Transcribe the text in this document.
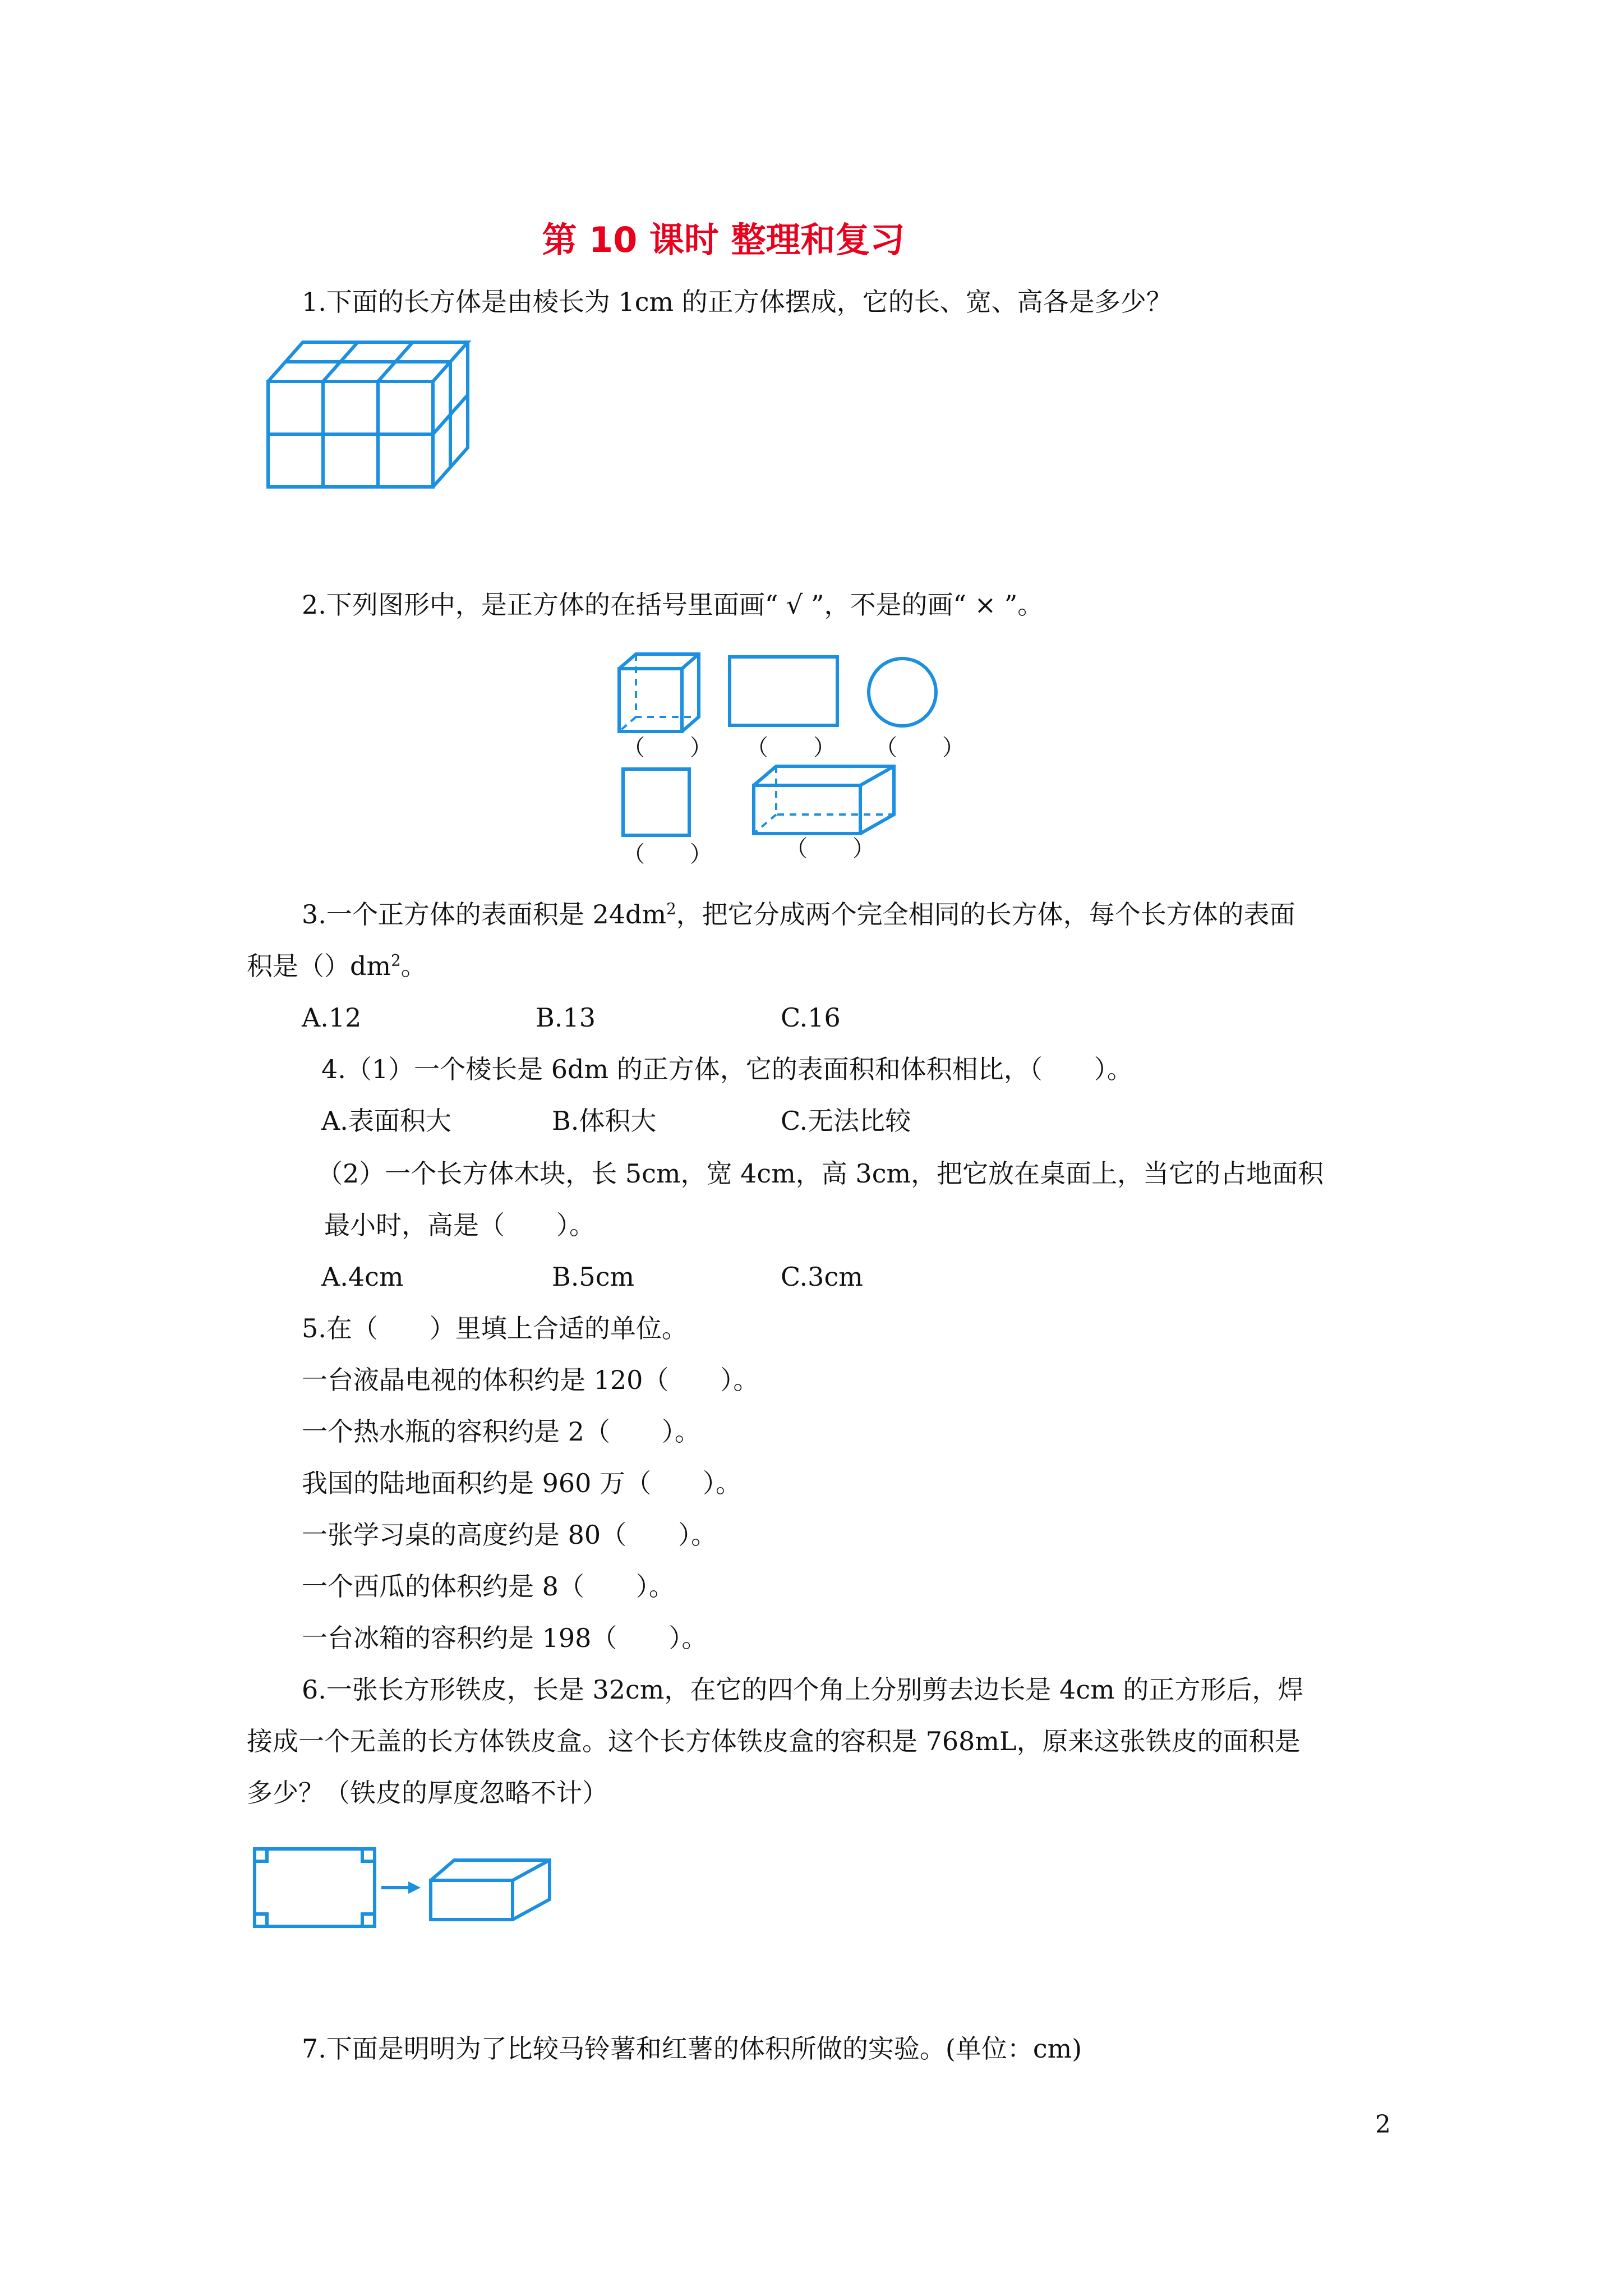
第 10 课时 整理和复习
1.下面的长方体是由棱长为 1cm 的正方体摆成，它的长、宽、高各是多少？
2.下列图形中，是正方体的在括号里面画“ √ ”，不是的画“ × ”。
（　　） （　　） （　　）
（　　）	（　　）
3.一个正方体的表面积是 $24dm^2$，把它分成两个完全相同的长方体，每个长方体的表面
积是$()dm^2$。
A.12	B.13	C.16
4.（1）一个棱长是 6dm 的正方体，它的表面积和体积相比，（　　）。
A.表面积大	B.体积大	C.无法比较
（2）一个长方体木块，长 5cm，宽 4cm，高 3cm，把它放在桌面上，当它的占地面积
最小时，高是（　　）。
A.4cm	B.5cm	C.3cm
5.在（　　）里填上合适的单位。
一台液晶电视的体积约是 120（　　）。
一个热水瓶的容积约是 2（　　）。
我国的陆地面积约是 960 万（　　）。
一张学习桌的高度约是 80（　　）。
一个西瓜的体积约是 8（　　）。
一台冰箱的容积约是 198（　　）。
6.一张长方形铁皮，长是 32cm，在它的四个角上分别剪去边长是 4cm 的正方形后，焊
接成一个无盖的长方体铁皮盒。这个长方体铁皮盒的容积是 768mL，原来这张铁皮的面积是
多少？（铁皮的厚度忽略不计）
7.下面是明明为了比较马铃薯和红薯的体积所做的实验。(单位：cm)
2
